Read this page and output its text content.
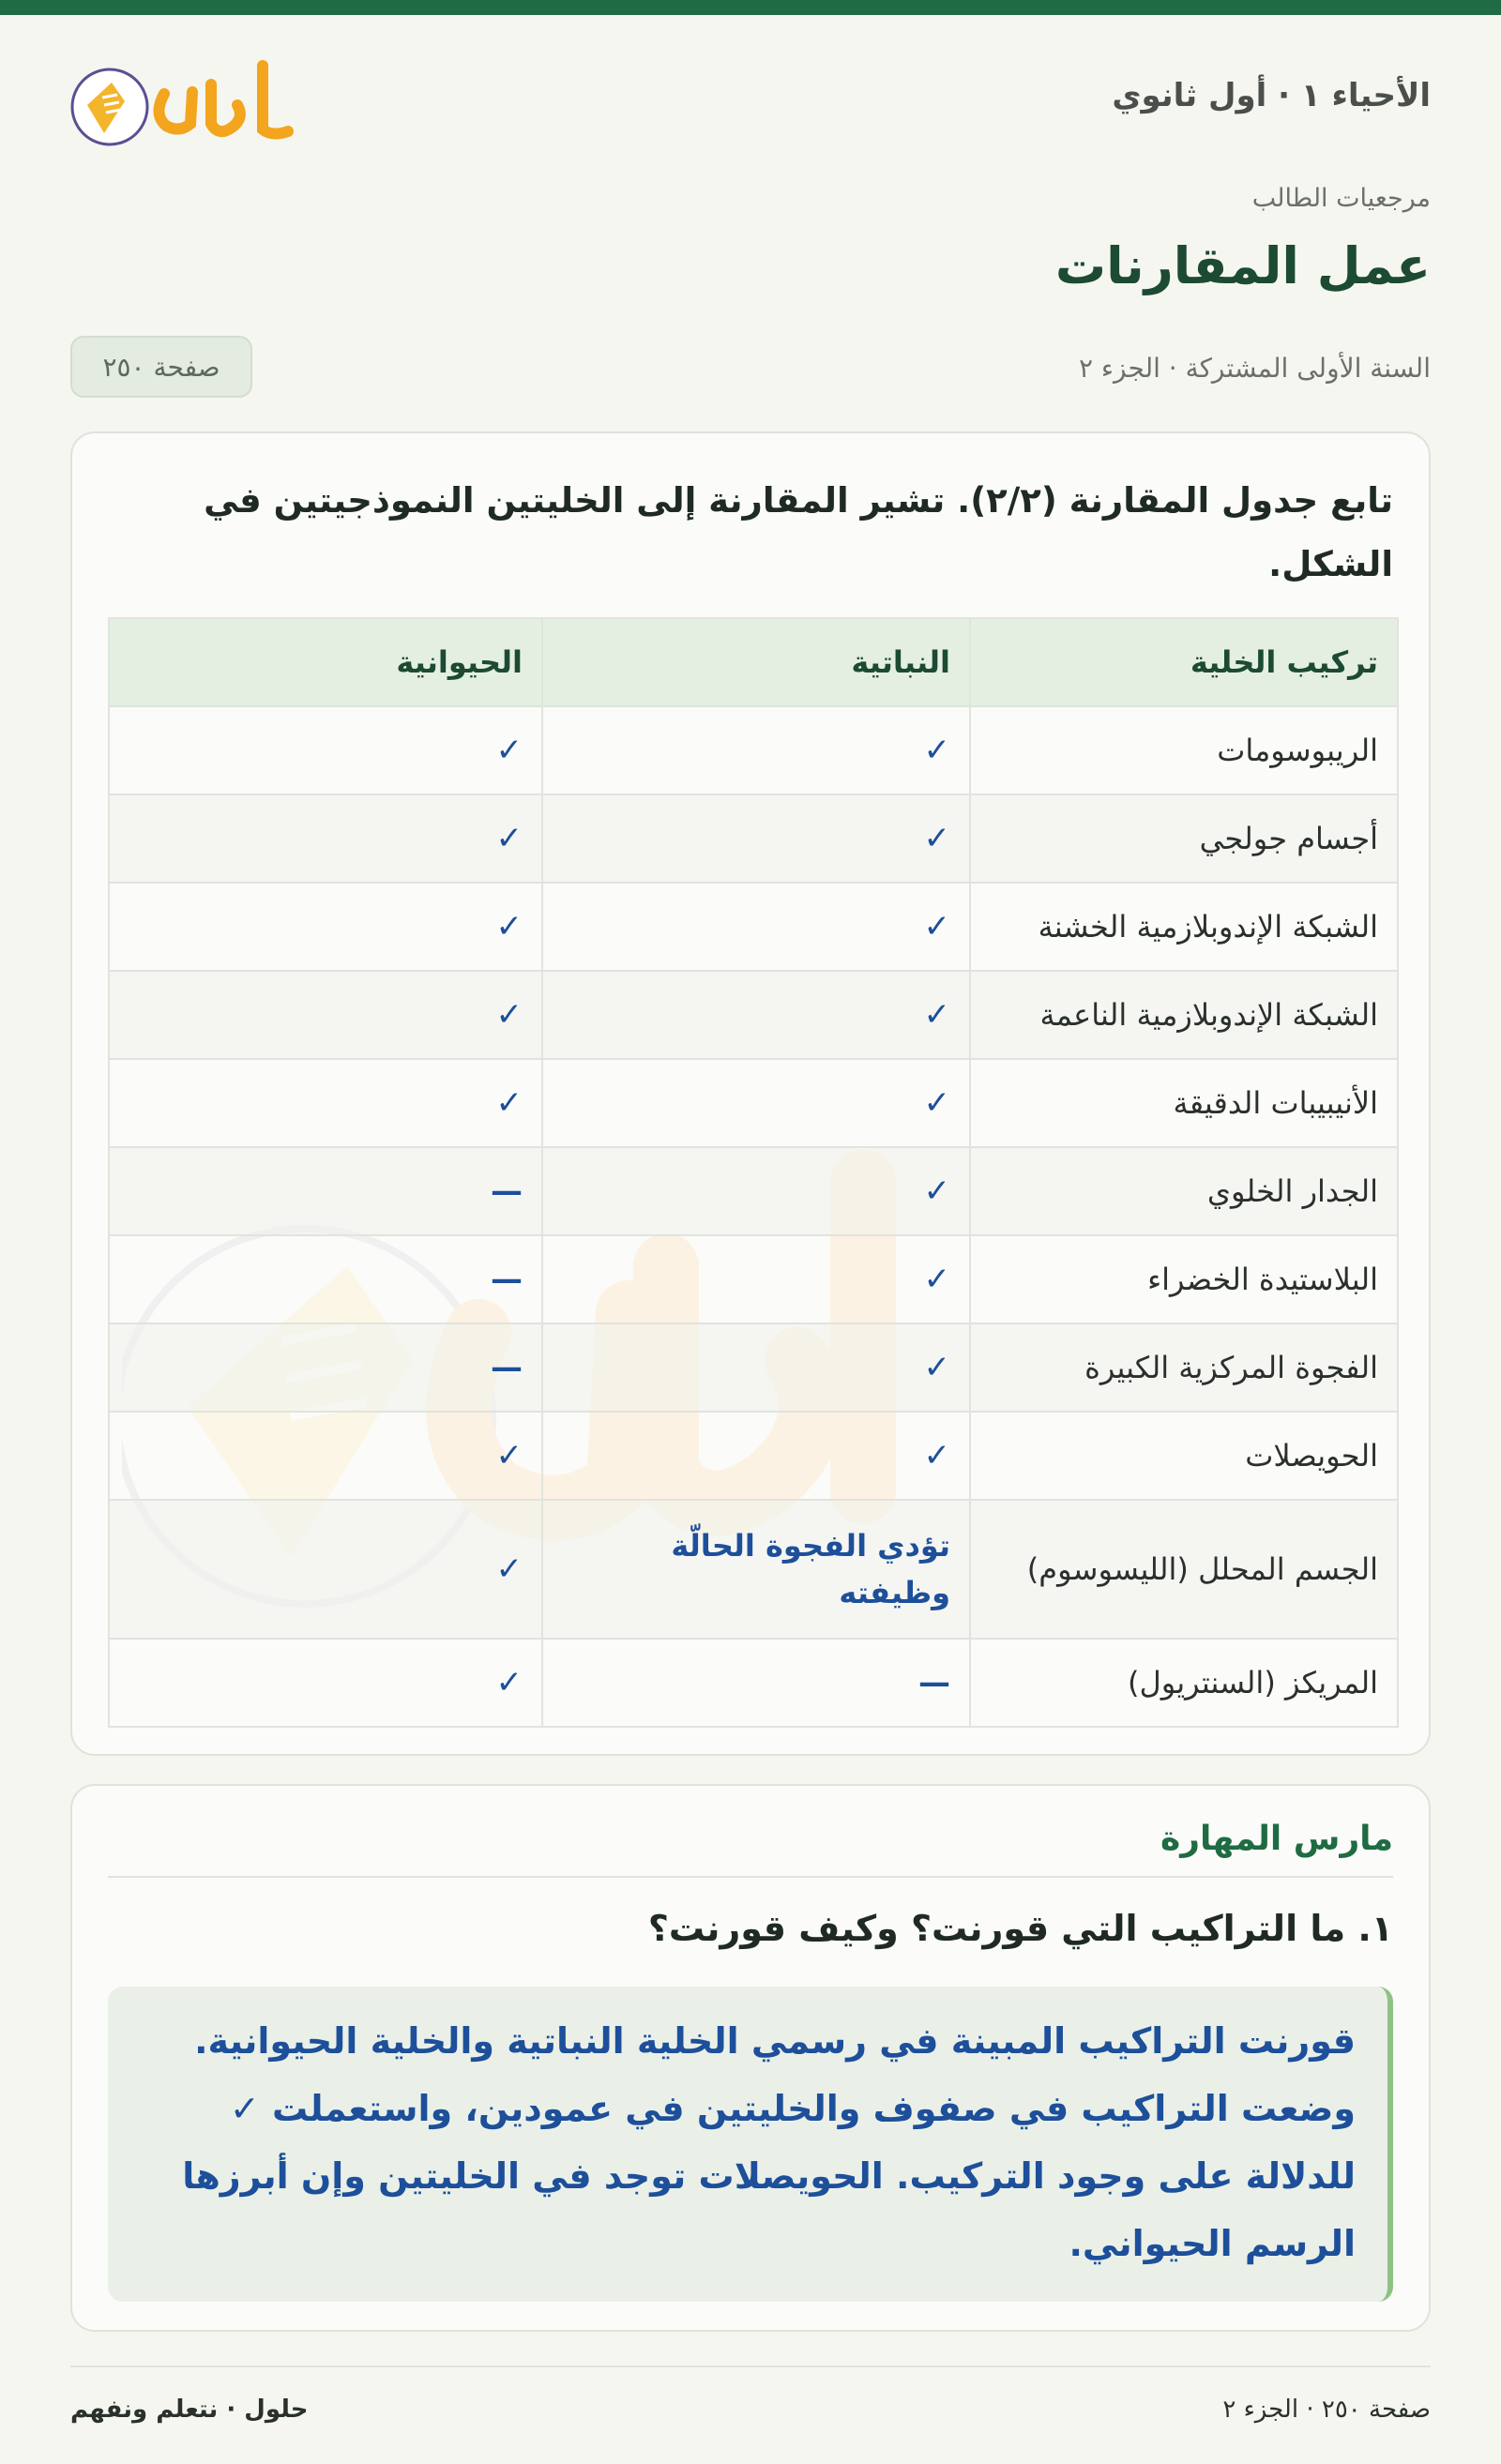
الأحياء ١ · أول ثانوي
مرجعيات الطالب
عمل المقارنات
السنة الأولى المشتركة · الجزء ٢
صفحة ٢٥٠
تابع جدول المقارنة (٢/٢). تشير المقارنة إلى الخليتين النموذجيتين في الشكل.
تركيب الخلية	النباتية	الحيوانية
الريبوسومات	✓	✓
أجسام جولجي	✓	✓
الشبكة الإندوبلازمية الخشنة	✓	✓
الشبكة الإندوبلازمية الناعمة	✓	✓
الأنيبيبات الدقيقة	✓	✓
الجدار الخلوي	✓	—
البلاستيدة الخضراء	✓	—
الفجوة المركزية الكبيرة	✓	—
الحويصلات	✓	✓
الجسم المحلل (الليسوسوم)	تؤدي الفجوة الحالّة وظيفته	✓
المريكز (السنتريول)	—	✓
مارس المهارة
١. ما التراكيب التي قورنت؟ وكيف قورنت؟
قورنت التراكيب المبينة في رسمي الخلية النباتية والخلية الحيوانية. وضعت التراكيب في صفوف والخليتين في عمودين، واستعملت ✓ للدلالة على وجود التركيب. الحويصلات توجد في الخليتين وإن أبرزها الرسم الحيواني.
صفحة ٢٥٠ · الجزء ٢
حلول · نتعلم ونفهم
